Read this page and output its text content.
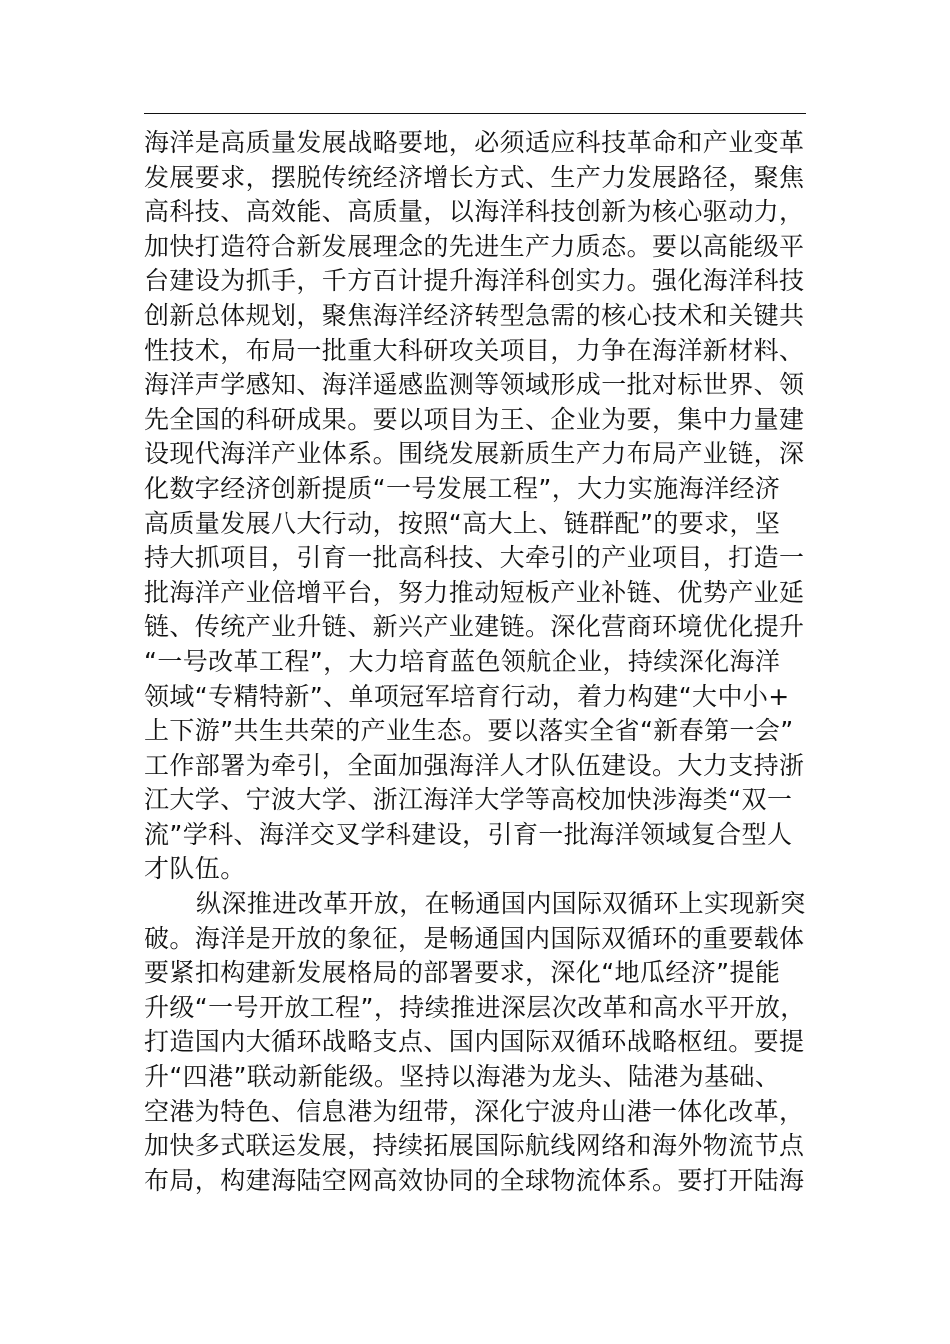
海洋是高质量发展战略要地，必须适应科技革命和产业变革
发展要求，摆脱传统经济增长方式、生产力发展路径，聚焦
高科技、高效能、高质量，以海洋科技创新为核心驱动力，
加快打造符合新发展理念的先进生产力质态。要以高能级平
台建设为抓手，千方百计提升海洋科创实力。强化海洋科技
创新总体规划，聚焦海洋经济转型急需的核心技术和关键共
性技术，布局一批重大科研攻关项目，力争在海洋新材料、
海洋声学感知、海洋遥感监测等领域形成一批对标世界、领
先全国的科研成果。要以项目为王、企业为要，集中力量建
设现代海洋产业体系。围绕发展新质生产力布局产业链，深
化数字经济创新提质“一号发展工程”，大力实施海洋经济
高质量发展八大行动，按照“高大上、链群配”的要求，坚
持大抓项目，引育一批高科技、大牵引的产业项目，打造一
批海洋产业倍增平台，努力推动短板产业补链、优势产业延
链、传统产业升链、新兴产业建链。深化营商环境优化提升
“一号改革工程”，大力培育蓝色领航企业，持续深化海洋
领域“专精特新”、单项冠军培育行动，着力构建“大中小+
上下游”共生共荣的产业生态。要以落实全省“新春第一会”
工作部署为牵引，全面加强海洋人才队伍建设。大力支持浙
江大学、宁波大学、浙江海洋大学等高校加快涉海类“双一
流”学科、海洋交叉学科建设，引育一批海洋领域复合型人
才队伍。
纵深推进改革开放，在畅通国内国际双循环上实现新突
破。海洋是开放的象征，是畅通国内国际双循环的重要载体
要紧扣构建新发展格局的部署要求，深化“地瓜经济”提能
升级“一号开放工程”，持续推进深层次改革和高水平开放，
打造国内大循环战略支点、国内国际双循环战略枢纽。要提
升“四港”联动新能级。坚持以海港为龙头、陆港为基础、
空港为特色、信息港为纽带，深化宁波舟山港一体化改革，
加快多式联运发展，持续拓展国际航线网络和海外物流节点
布局，构建海陆空网高效协同的全球物流体系。要打开陆海
